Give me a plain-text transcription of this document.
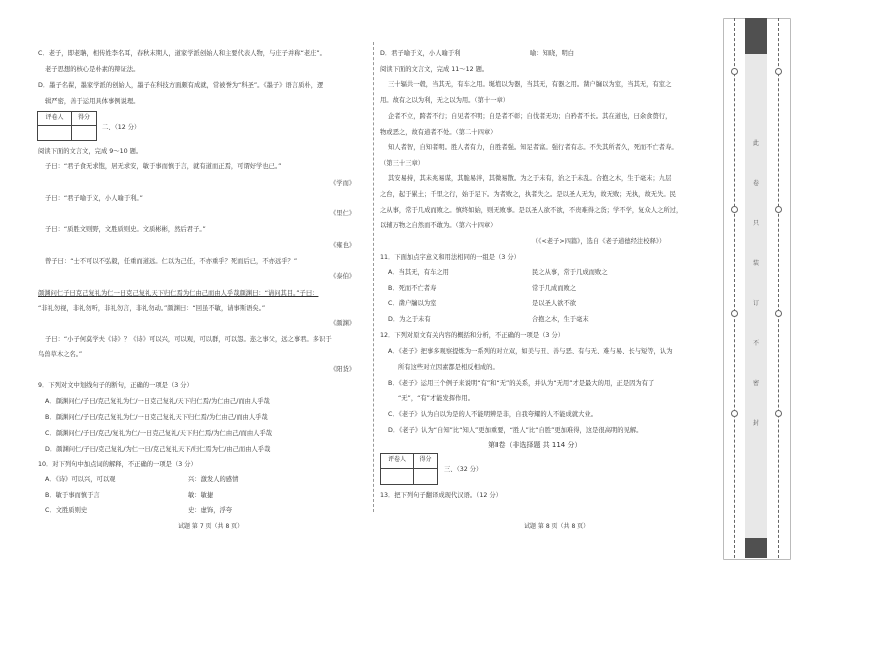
C．老子，即老聃，相传姓李名耳，春秋末期人，道家学派创始人和主要代表人物，与庄子并称“老庄”。
老子思想的核心是朴素的辩证法。
D．墨子名翟，墨家学派的创始人，墨子在科技方面颇有成就，常被誉为“科圣”。《墨子》语言质朴，逻
辑严密，善于运用具体事例说理。
评卷人	得分
二、（12 分）
阅读下面的文言文，完成 9～10 题。
子曰：“君子食无求饱，居无求安，敏于事而慎于言，就有道而正焉，可谓好学也已。”
《学而》
子曰：“君子喻于义，小人喻于利。”
《里仁》
子曰：“质胜文则野，文胜质则史。文质彬彬，然后君子。”
《雍也》
曾子曰：“士不可以不弘毅，任重而道远。仁以为己任，不亦重乎？死而后已，不亦远乎？”
《泰伯》
颜渊问仁子曰克己复礼为仁一日克己复礼天下归仁焉为仁由己而由人乎哉颜渊曰：“请问其目。”子曰：
“非礼勿视，非礼勿听，非礼勿言，非礼勿动。”颜渊曰：“回虽不敏，请事斯语矣。”
《颜渊》
子曰：“小子何莫学夫《诗》？《诗》可以兴，可以观，可以群，可以怨。迩之事父，远之事君。多识于
鸟兽草木之名。”
《阳货》
9．下列对文中划线句子的断句，正确的一项是（3 分）
A．颜渊问仁/子曰/克己复礼为仁/一日克己复礼/天下归仁焉/为仁由己/而由人乎哉
B．颜渊问仁/子曰/克己复礼为仁/一日克己复礼天下归仁焉/为仁由己/而由人乎哉
C．颜渊问仁/子曰/克己/复礼为仁/一日克己复礼/天下归仁焉/为仁由己/而由人乎哉
D．颜渊问仁/子曰/克己复礼/为仁一日/克己复礼天下/归仁焉为仁/由己而由人乎哉
10．对下列句中加点词的解释，不正确的一项是（3 分）
A．《诗》可以兴，可以观	兴：激发人的感情
B．敏于事而慎于言	敏：敏捷
C．文胜质则史	史：虚饰，浮夸
试题 第 7 页（共 8 页）
D．君子喻于义，小人喻于利	喻：知晓，明白
阅读下面的文言文，完成 11～12 题。
三十辐共一毂，当其无，有车之用。埏埴以为器，当其无，有器之用。凿户牖以为室，当其无，有室之
用。故有之以为利，无之以为用。（第十一章）
企者不立，跨者不行；自见者不明；自是者不彰；自伐者无功；自矜者不长。其在道也，曰余食赘行，
物或恶之，故有道者不处。（第二十四章）
知人者智，自知者明。胜人者有力，自胜者强。知足者富。强行者有志。不失其所者久，死而不亡者寿。
（第三十三章）
其安易持，其未兆易谋，其脆易泮，其微易散。为之于未有，治之于未乱。合抱之木，生于毫末；九层
之台，起于累土；千里之行，始于足下。为者败之，执者失之。是以圣人无为，故无败；无执，故无失。民
之从事，常于几成而败之。慎终如始，则无败事。是以圣人欲不欲，不贵难得之货；学不学，复众人之所过，
以辅万物之自然而不敢为。（第六十四章）
（《<老子>四篇》，选自《老子道德经注校释》）
11．下面加点字意义和用法相同的一组是（3 分）
A．当其无，有车之用	民之从事，常于几成而败之
B．死而不亡者寿	常于几成而败之
C．凿户牖以为室	是以圣人欲不欲
D．为之于未有	合抱之木，生于毫末
12．下列对原文有关内容的概括和分析，不正确的一项是（3 分）
A．《老子》把事多观察提炼为一系列的对立双，如美与丑、善与恶、有与无、难与易、长与短等，认为
所有这些对立因素都是相反相成的。
B．《老子》运用三个例子来说明“有”和“无”的关系，并认为“无用”才是最大的用，正是因为有了
“无”，“有”才能发挥作用。
C．《老子》认为自以为是的人不能明辨是非，自我夸耀的人不能成就大业。
D．《老子》认为“自知”比“知人”更加重要，“胜人”比“自胜”更加难得，这是很高明的见解。
第Ⅱ卷（非选择题 共 114 分）
评卷人	得分
三、（32 分）
13．把下列句子翻译成现代汉语。（12 分）
试题 第 8 页（共 8 页）
此
卷
只
装
订
不
密
封
